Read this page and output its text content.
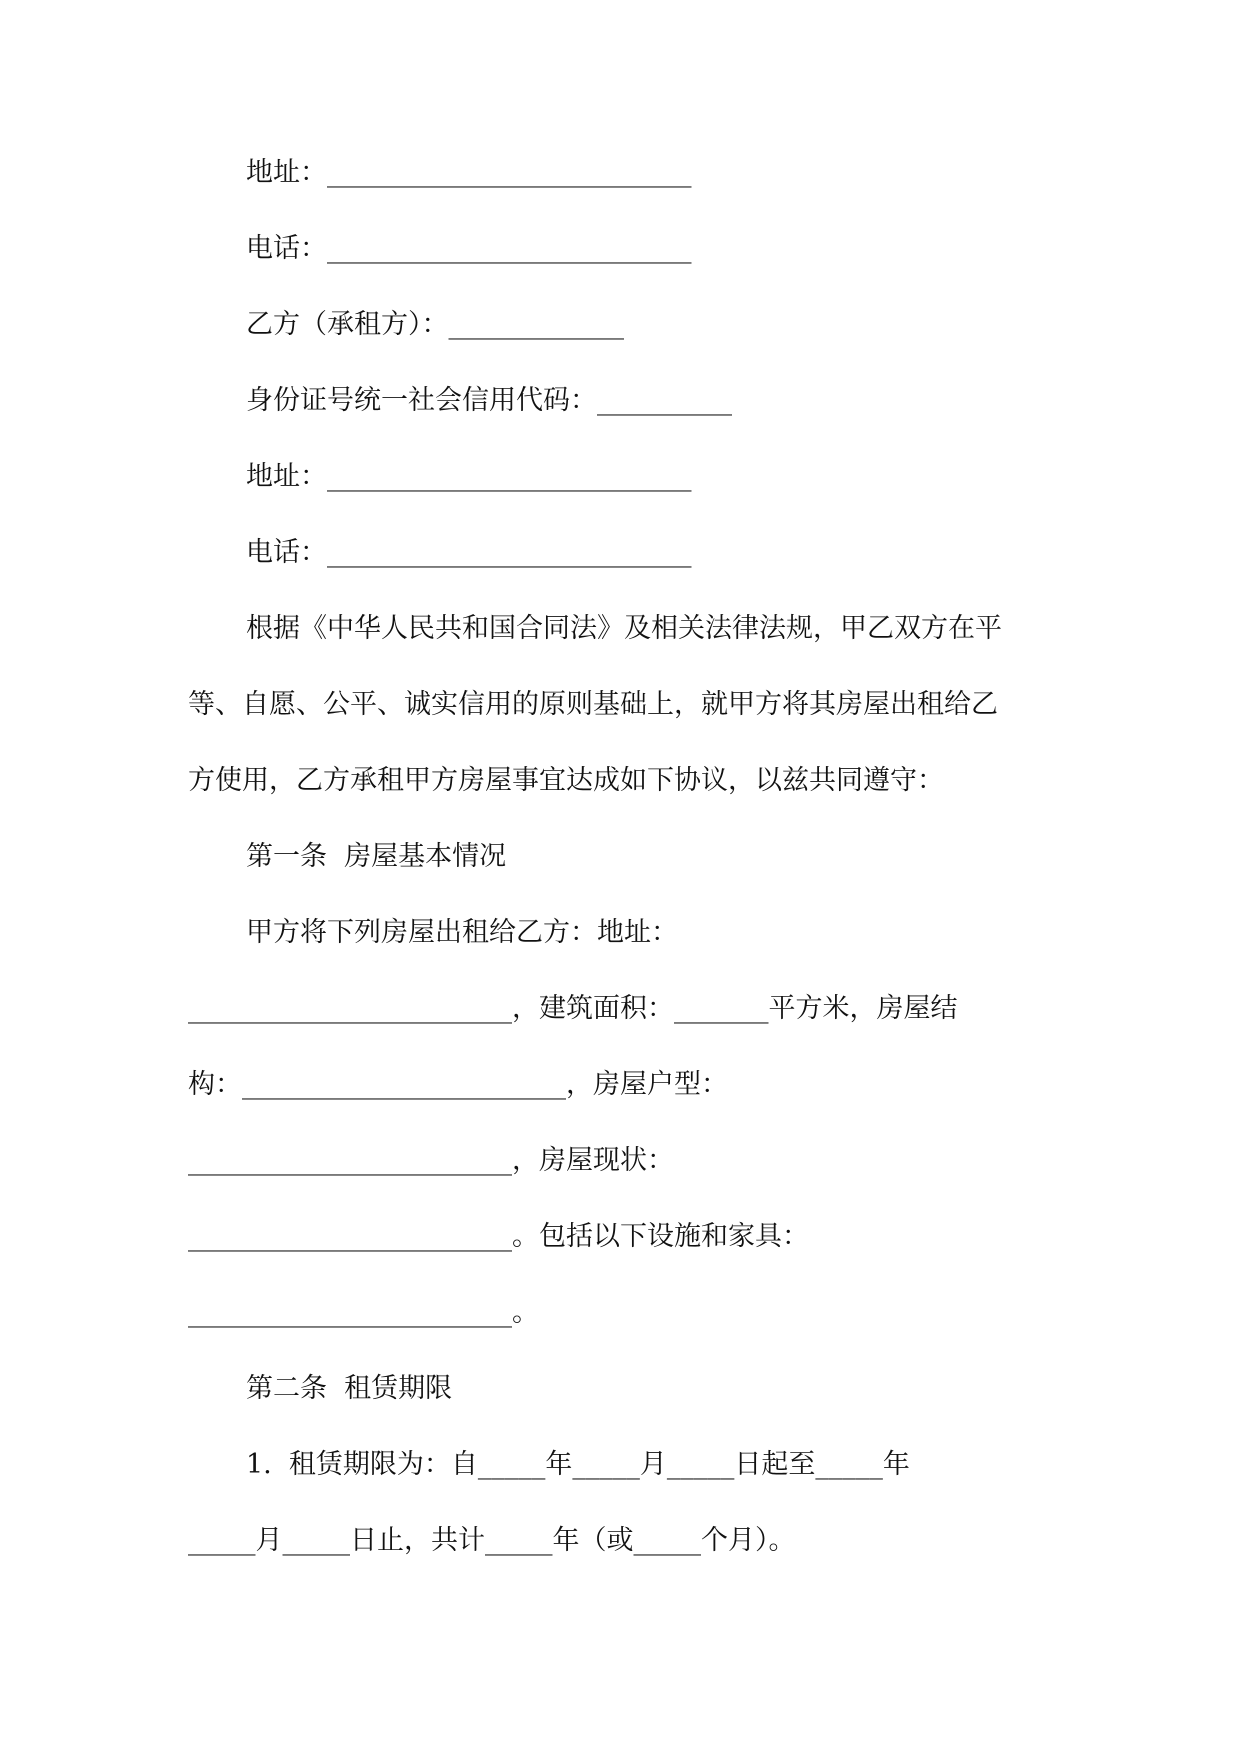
地址：___________________________

电话：___________________________

乙方（承租方）：_____________

身份证号统一社会信用代码：__________

地址：___________________________

电话：___________________________

根据《中华人民共和国合同法》及相关法律法规，甲乙双方在平

等、自愿、公平、诚实信用的原则基础上，就甲方将其房屋出租给乙

方使用，乙方承租甲方房屋事宜达成如下协议，以兹共同遵守：

第一条  房屋基本情况

甲方将下列房屋出租给乙方：地址：

________________________，建筑面积：_______平方米，房屋结

构：________________________，房屋户型：

________________________，房屋现状：

________________________。包括以下设施和家具：

________________________。

第二条  租赁期限

1.  租赁期限为：自_____年_____月_____日起至_____年

_____月_____日止，共计_____年（或_____个月）。
